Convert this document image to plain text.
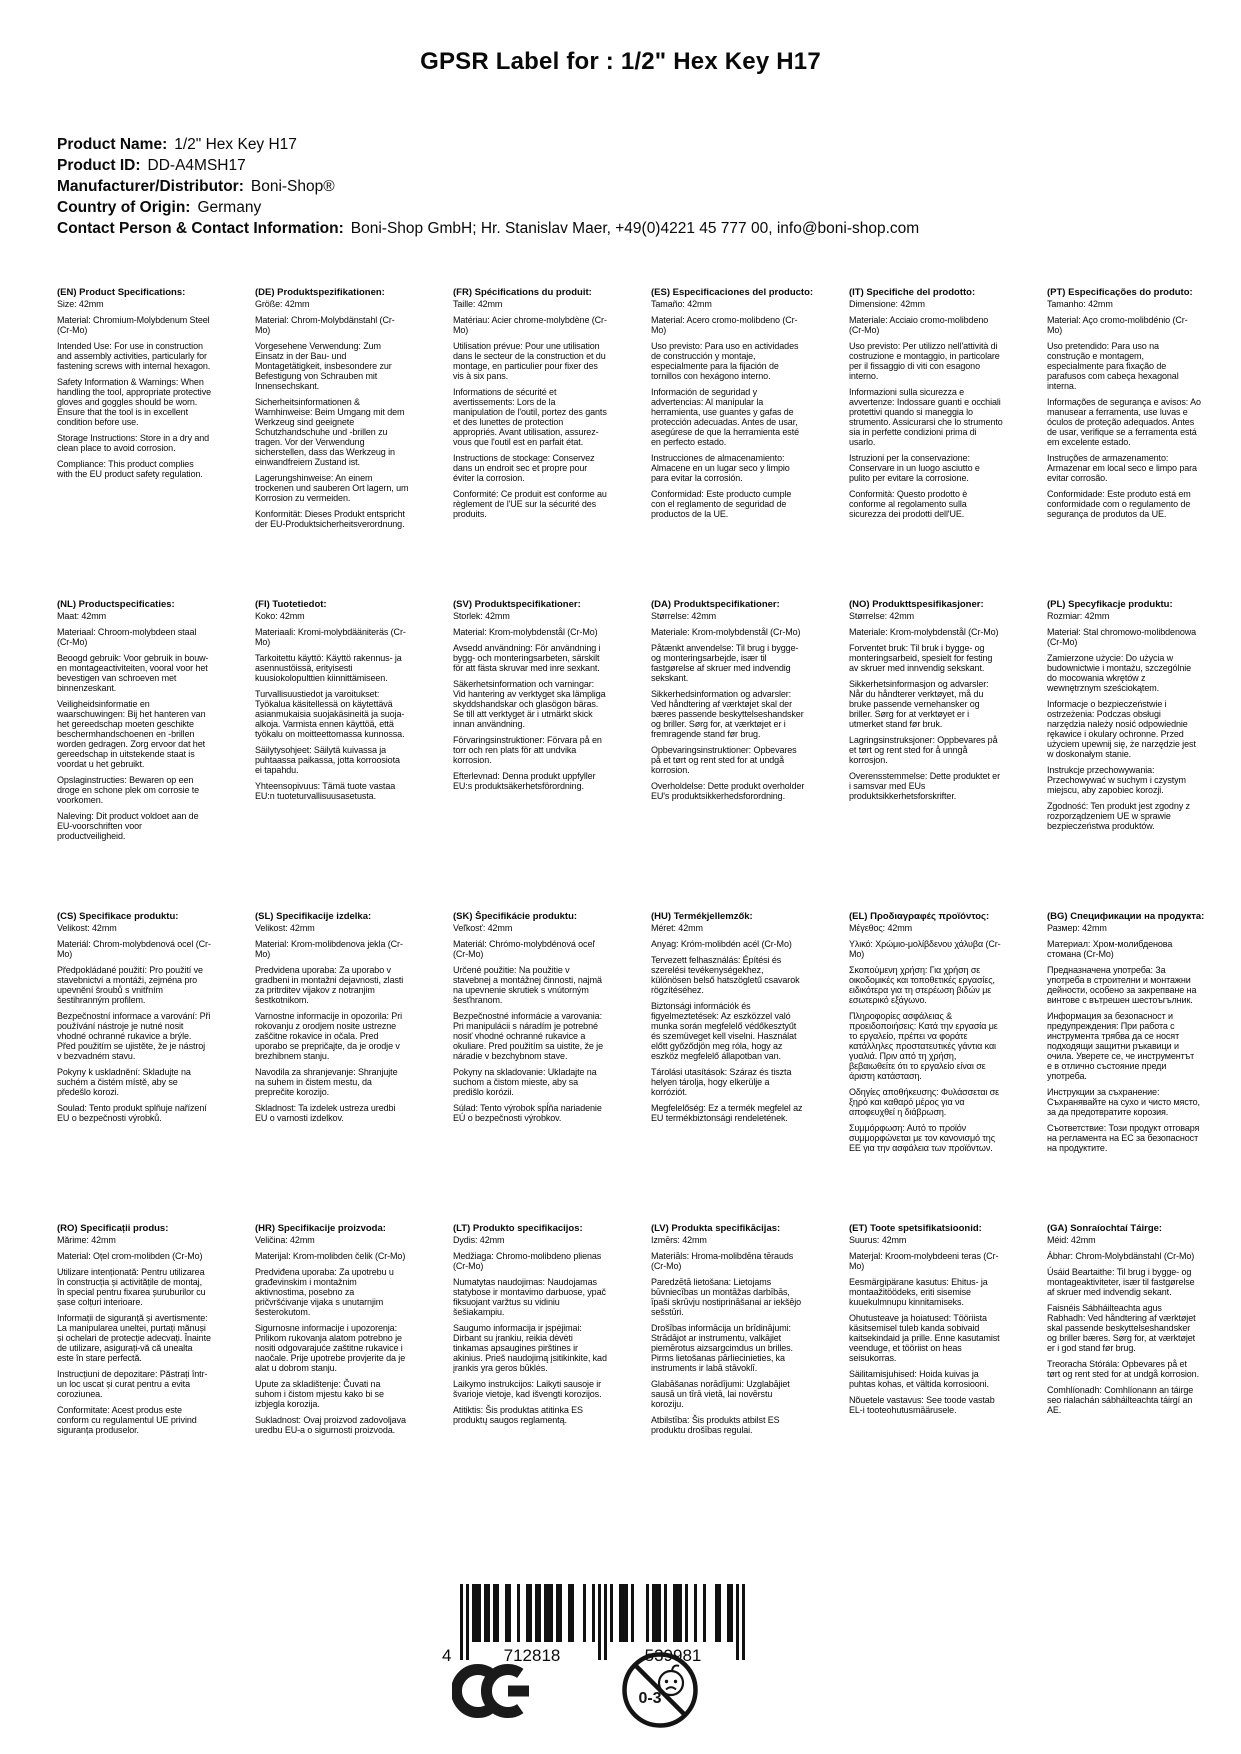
GPSR Label for : 1/2" Hex Key H17
Product Name: 1/2" Hex Key H17
Product ID: DD-A4MSH17
Manufacturer/Distributor: Boni-Shop®
Country of Origin: Germany
Contact Person & Contact Information: Boni-Shop GmbH; Hr. Stanislav Maer, +49(0)4221 45 777 00, info@boni-shop.com
(EN) Product Specifications:

Size: 42mm

Material: Chromium-Molybdenum Steel (Cr-Mo)

Intended Use: For use in construction and assembly activities, particularly for fastening screws with internal hexagon.

Safety Information & Warnings: When handling the tool, appropriate protective gloves and goggles should be worn. Ensure that the tool is in excellent condition before use.

Storage Instructions: Store in a dry and clean place to avoid corrosion.

Compliance: This product complies with the EU product safety regulation.

(DE) Produktspezifikationen:

Größe: 42mm

Material: Chrom-Molybdänstahl (Cr-Mo)

Vorgesehene Verwendung: Zum Einsatz in der Bau- und Montagetätigkeit, insbesondere zur Befestigung von Schrauben mit Innensechskant.

Sicherheitsinformationen & Warnhinweise: Beim Umgang mit dem Werkzeug sind geeignete Schutzhandschuhe und -brillen zu tragen. Vor der Verwendung sicherstellen, dass das Werkzeug in einwandfreiem Zustand ist.

Lagerungshinweise: An einem trockenen und sauberen Ort lagern, um Korrosion zu vermeiden.

Konformität: Dieses Produkt entspricht der EU-Produktsicherheitsverordnung.

(FR) Spécifications du produit:

Taille: 42mm

Matériau: Acier chrome-molybdène (Cr-Mo)

Utilisation prévue: Pour une utilisation dans le secteur de la construction et du montage, en particulier pour fixer des vis à six pans.

Informations de sécurité et avertissements: Lors de la manipulation de l'outil, portez des gants et des lunettes de protection appropriés. Avant utilisation, assurez-vous que l'outil est en parfait état.

Instructions de stockage: Conservez dans un endroit sec et propre pour éviter la corrosion.

Conformité: Ce produit est conforme au règlement de l'UE sur la sécurité des produits.

(ES) Especificaciones del producto:

Tamaño: 42mm

Material: Acero cromo-molibdeno (Cr-Mo)

Uso previsto: Para uso en actividades de construcción y montaje, especialmente para la fijación de tornillos con hexágono interno.

Información de seguridad y advertencias: Al manipular la herramienta, use guantes y gafas de protección adecuadas. Antes de usar, asegúrese de que la herramienta esté en perfecto estado.

Instrucciones de almacenamiento: Almacene en un lugar seco y limpio para evitar la corrosión.

Conformidad: Este producto cumple con el reglamento de seguridad de productos de la UE.

(IT) Specifiche del prodotto:

Dimensione: 42mm

Materiale: Acciaio cromo-molibdeno (Cr-Mo)

Uso previsto: Per utilizzo nell'attività di costruzione e montaggio, in particolare per il fissaggio di viti con esagono interno.

Informazioni sulla sicurezza e avvertenze: Indossare guanti e occhiali protettivi quando si maneggia lo strumento. Assicurarsi che lo strumento sia in perfette condizioni prima di usarlo.

Istruzioni per la conservazione: Conservare in un luogo asciutto e pulito per evitare la corrosione.

Conformità: Questo prodotto è conforme al regolamento sulla sicurezza dei prodotti dell'UE.

(PT) Especificações do produto:

Tamanho: 42mm

Material: Aço cromo-molibdénio (Cr-Mo)

Uso pretendido: Para uso na construção e montagem, especialmente para fixação de parafusos com cabeça hexagonal interna.

Informações de segurança e avisos: Ao manusear a ferramenta, use luvas e óculos de proteção adequados. Antes de usar, verifique se a ferramenta está em excelente estado.

Instruções de armazenamento: Armazenar em local seco e limpo para evitar corrosão.

Conformidade: Este produto está em conformidade com o regulamento de segurança de produtos da UE.

(NL) Productspecificaties:

Maat: 42mm

Materiaal: Chroom-molybdeen staal (Cr-Mo)

Beoogd gebruik: Voor gebruik in bouw- en montageactiviteiten, vooral voor het bevestigen van schroeven met binnenzeskant.

Veiligheidsinformatie en waarschuwingen: Bij het hanteren van het gereedschap moeten geschikte beschermhandschoenen en -brillen worden gedragen. Zorg ervoor dat het gereedschap in uitstekende staat is voordat u het gebruikt.

Opslaginstructies: Bewaren op een droge en schone plek om corrosie te voorkomen.

Naleving: Dit product voldoet aan de EU-voorschriften voor productveiligheid.

(FI) Tuotetiedot:

Koko: 42mm

Materiaali: Kromi-molybdääniteräs (Cr-Mo)

Tarkoitettu käyttö: Käyttö rakennus- ja asennustöissä, erityisesti kuusiokolopulttien kiinnittämiseen.

Turvallisuustiedot ja varoitukset: Työkalua käsitellessä on käytettävä asianmukaisia suojakäsineitä ja suoja-alkoja. Varmista ennen käyttöä, että työkalu on moitteettomassa kunnossa.

Säilytysohjeet: Säilytä kuivassa ja puhtaassa paikassa, jotta korroosiota ei tapahdu.

Yhteensopivuus: Tämä tuote vastaa EU:n tuoteturvallisuusasetusta.

(SV) Produktspecifikationer:

Storlek: 42mm

Material: Krom-molybdenstål (Cr-Mo)

Avsedd användning: För användning i bygg- och monteringsarbeten, särskilt för att fästa skruvar med inre sexkant.

Säkerhetsinformation och varningar: Vid hantering av verktyget ska lämpliga skyddshandskar och glasögon bäras. Se till att verktyget är i utmärkt skick innan användning.

Förvaringsinstruktioner: Förvara på en torr och ren plats för att undvika korrosion.

Efterlevnad: Denna produkt uppfyller EU:s produktsäkerhetsförordning.

(DA) Produktspecifikationer:

Størrelse: 42mm

Materiale: Krom-molybdenstål (Cr-Mo)

Påtænkt anvendelse: Til brug i bygge- og monteringsarbejde, især til fastgørelse af skruer med indvendig sekskant.

Sikkerhedsinformation og advarsler: Ved håndtering af værktøjet skal der bæres passende beskyttelseshandsker og briller. Sørg for, at værktøjet er i fremragende stand før brug.

Opbevaringsinstruktioner: Opbevares på et tørt og rent sted for at undgå korrosion.

Overholdelse: Dette produkt overholder EU's produktsikkerhedsforordning.

(NO) Produkttspesifikasjoner:

Størrelse: 42mm

Materiale: Krom-molybdenstål (Cr-Mo)

Forventet bruk: Til bruk i bygge- og monteringsarbeid, spesielt for festing av skruer med innvendig sekskant.

Sikkerhetsinformasjon og advarsler: Når du håndterer verktøyet, må du bruke passende vernehansker og briller. Sørg for at verktøyet er i utmerket stand før bruk.

Lagringsinstruksjoner: Oppbevares på et tørt og rent sted for å unngå korrosjon.

Overensstemmelse: Dette produktet er i samsvar med EUs produktsikkerhetsforskrifter.

(PL) Specyfikacje produktu:

Rozmiar: 42mm

Materiał: Stal chromowo-molibdenowa (Cr-Mo)

Zamierzone użycie: Do użycia w budownictwie i montażu, szczególnie do mocowania wkrętów z wewnętrznym sześciokątem.

Informacje o bezpieczeństwie i ostrzeżenia: Podczas obsługi narzędzia należy nosić odpowiednie rękawice i okulary ochronne. Przed użyciem upewnij się, że narzędzie jest w doskonałym stanie.

Instrukcje przechowywania: Przechowywać w suchym i czystym miejscu, aby zapobiec korozji.

Zgodność: Ten produkt jest zgodny z rozporządzeniem UE w sprawie bezpieczeństwa produktów.

(CS) Specifikace produktu:

Velikost: 42mm

Materiál: Chrom-molybdenová ocel (Cr-Mo)

Předpokládané použití: Pro použití ve stavebnictví a montáži, zejména pro upevnění šroubů s vnitřním šestihranným profilem.

Bezpečnostní informace a varování: Při používání nástroje je nutné nosit vhodné ochranné rukavice a brýle. Před použitím se ujistěte, že je nástroj v bezvadném stavu.

Pokyny k uskladnění: Skladujte na suchém a čistém místě, aby se předešlo korozi.

Soulad: Tento produkt splňuje nařízení EU o bezpečnosti výrobků.

(SL) Specifikacije izdelka:

Velikost: 42mm

Material: Krom-molibdenova jekla (Cr-Mo)

Predvidena uporaba: Za uporabo v gradbeni in montažni dejavnosti, zlasti za pritrditev vijakov z notranjim šestkotnikom.

Varnostne informacije in opozorila: Pri rokovanju z orodjem nosite ustrezne zaščitne rokavice in očala. Pred uporabo se prepričajte, da je orodje v brezhibnem stanju.

Navodila za shranjevanje: Shranjujte na suhem in čistem mestu, da preprečite korozijo.

Skladnost: Ta izdelek ustreza uredbi EU o varnosti izdelkov.

(SK) Špecifikácie produktu:

Veľkosť: 42mm

Materiál: Chrómo-molybdénová oceľ (Cr-Mo)

Určené použitie: Na použitie v stavebnej a montážnej činnosti, najmä na upevnenie skrutiek s vnútorným šesťhranom.

Bezpečnostné informácie a varovania: Pri manipulácii s náradím je potrebné nosiť vhodné ochranné rukavice a okuliare. Pred použitím sa uistite, že je náradie v bezchybnom stave.

Pokyny na skladovanie: Ukladajte na suchom a čistom mieste, aby sa predišlo korózii.

Súlad: Tento výrobok spĺňa nariadenie EÚ o bezpečnosti výrobkov.

(HU) Termékjellemzők:

Méret: 42mm

Anyag: Króm-molibdén acél (Cr-Mo)

Tervezett felhasználás: Építési és szerelési tevékenységekhez, különösen belső hatszögletű csavarok rögzítéséhez.

Biztonsági információk és figyelmeztetések: Az eszközzel való munka során megfelelő védőkesztyűt és szemüveget kell viselni. Használat előtt győződjön meg róla, hogy az eszköz megfelelő állapotban van.

Tárolási utasítások: Száraz és tiszta helyen tárolja, hogy elkerülje a korróziót.

Megfelelőség: Ez a termék megfelel az EU termékbiztonsági rendeletének.

(EL) Προδιαγραφές προϊόντος:

Μέγεθος: 42mm

Υλικό: Χρώμιο-μολίβδενου χάλυβα (Cr-Mo)

Σκοπούμενη χρήση: Για χρήση σε οικοδομικές και τοποθετικές εργασίες, ειδικότερα για τη στερέωση βιδών με εσωτερικό εξάγωνο.

Πληροφορίες ασφάλειας & προειδοποιήσεις: Κατά την εργασία με το εργαλείο, πρέπει να φοράτε κατάλληλες προστατευτικές γάντια και γυαλιά. Πριν από τη χρήση, βεβαιωθείτε ότι το εργαλείο είναι σε άριστη κατάσταση.

Οδηγίες αποθήκευσης: Φυλάσσεται σε ξηρό και καθαρό μέρος για να αποφευχθεί η διάβρωση.

Συμμόρφωση: Αυτό το προϊόν συμμορφώνεται με τον κανονισμό της ΕΕ για την ασφάλεια των προϊόντων.

(BG) Спецификации на продукта:

Размер: 42mm

Материал: Хром-молибденова стомана (Cr-Mo)

Предназначена употреба: За употреба в строителни и монтажни дейности, особено за закрепване на винтове с вътрешен шестоъгълник.

Информация за безопасност и предупреждения: При работа с инструмента трябва да се носят подходящи защитни ръкавици и очила. Уверете се, че инструментът е в отлично състояние преди употреба.

Инструкции за съхранение: Съхранявайте на сухо и чисто място, за да предотвратите корозия.

Съответствие: Този продукт отговаря на регламента на ЕС за безопасност на продуктите.

(RO) Specificații produs:

Mărime: 42mm

Material: Oțel crom-molibden (Cr-Mo)

Utilizare intenționată: Pentru utilizarea în construcția și activitățile de montaj, în special pentru fixarea șuruburilor cu șase colțuri interioare.

Informații de siguranță și avertismente: La manipularea uneltei, purtați mănuși și ochelari de protecție adecvați. Înainte de utilizare, asigurați-vă că unealta este în stare perfectă.

Instrucțiuni de depozitare: Păstrați într-un loc uscat și curat pentru a evita coroziunea.

Conformitate: Acest produs este conform cu regulamentul UE privind siguranța produselor.

(HR) Specifikacije proizvoda:

Veličina: 42mm

Materijal: Krom-molibden čelik (Cr-Mo)

Predviđena uporaba: Za upotrebu u građevinskim i montažnim aktivnostima, posebno za pričvršćivanje vijaka s unutarnjim šesterokutom.

Sigurnosne informacije i upozorenja: Prilikom rukovanja alatom potrebno je nositi odgovarajuće zaštitne rukavice i naočale. Prije upotrebe provjerite da je alat u dobrom stanju.

Upute za skladištenje: Čuvati na suhom i čistom mjestu kako bi se izbjegla korozija.

Sukladnost: Ovaj proizvod zadovoljava uredbu EU-a o sigurnosti proizvoda.

(LT) Produkto specifikacijos:

Dydis: 42mm

Medžiaga: Chromo-molibdeno plienas (Cr-Mo)

Numatytas naudojimas: Naudojamas statybose ir montavimo darbuose, ypač fiksuojant varžtus su vidiniu šešiakampiu.

Saugumo informacija ir įspėjimai: Dirbant su įrankiu, reikia dėvėti tinkamas apsaugines pirštines ir akinius. Prieš naudojimą įsitikinkite, kad įrankis yra geros būklės.

Laikymo instrukcijos: Laikyti sausoje ir švarioje vietoje, kad išvengti korozijos.

Atitiktis: Šis produktas atitinka ES produktų saugos reglamentą.

(LV) Produkta specifikācijas:

Izmērs: 42mm

Materiāls: Hroma-molibdēna tērauds (Cr-Mo)

Paredzētā lietošana: Lietojams būvniecības un montāžas darbībās, īpaši skrūvju nostiprināšanai ar iekšējo sešstūri.

Drošības informācija un brīdinājumi: Strādājot ar instrumentu, valkājiet piemērotus aizsargcimdus un brilles. Pirms lietošanas pārliecinieties, ka instruments ir labā stāvoklī.

Glabāšanas norādījumi: Uzglabājiet sausā un tīrā vietā, lai novērstu koroziju.

Atbilstība: Šis produkts atbilst ES produktu drošības regulai.

(ET) Toote spetsifikatsioonid:

Suurus: 42mm

Materjal: Kroom-molybdeeni teras (Cr-Mo)

Eesmärgipärane kasutus: Ehitus- ja montaažitöödeks, eriti sisemise kuuekulmnupu kinnitamiseks.

Ohutusteave ja hoiatused: Tööriista käsitsemisel tuleb kanda sobivaid kaitsekindaid ja prille. Enne kasutamist veenduge, et tööriist on heas seisukorras.

Säilitamisjuhised: Hoida kuivas ja puhtas kohas, et vältida korrosiooni.

Nõuetele vastavus: See toode vastab EL-i tooteohutusmäärusele.

(GA) Sonraíochtaí Táirge:

Méid: 42mm

Ábhar: Chrom-Molybdänstahl (Cr-Mo)

Úsáid Beartaithe: Til brug i bygge- og montageaktiviteter, især til fastgørelse af skruer med indvendig sekant.

Faisnéis Sábháilteachta agus Rabhadh: Ved håndtering af værktøjet skal passende beskyttelseshandsker og briller bæres. Sørg for, at værktøjet er i god stand før brug.

Treoracha Stórála: Opbevares på et tørt og rent sted for at undgå korrosion.

Comhlíonadh: Comhlíonann an táirge seo rialachán sábháilteachta táirgí an AE.

4	712818	539981
0-3
